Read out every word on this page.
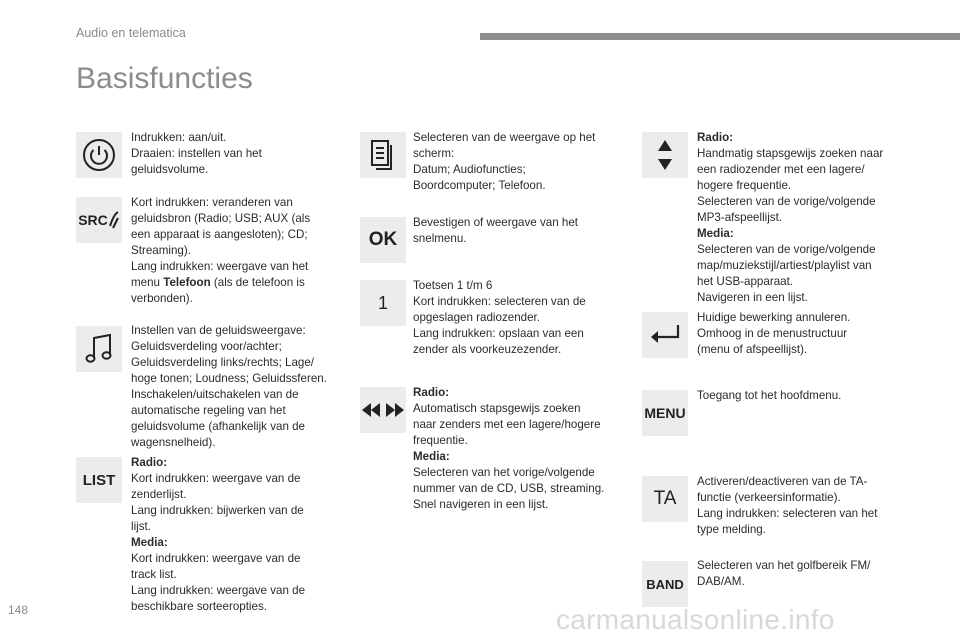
Audio en telematica
Basisfuncties

Indrukken: aan/uit.
Draaien: instellen van het
geluidsvolume.

SRC

Kort indrukken: veranderen van
geluidsbron (Radio; USB; AUX (als
een apparaat is aangesloten); CD;
Streaming).
Lang indrukken: weergave van het
menu Telefoon (als de telefoon is
verbonden).

Instellen van de geluidsweergave:
Geluidsverdeling voor/achter;
Geluidsverdeling links/rechts; Lage/
hoge tonen; Loudness; Geluidssferen.
Inschakelen/uitschakelen van de
automatische regeling van het
geluidsvolume (afhankelijk van de
wagensnelheid).

LIST

Radio:

Kort indrukken: weergave van de
zenderlijst.
Lang indrukken: bijwerken van de
lijst.

Media:

Kort indrukken: weergave van de
track list.
Lang indrukken: weergave van de
beschikbare sorteeropties.

Selecteren van de weergave op het
scherm:
Datum; Audiofuncties;
Boordcomputer; Telefoon.

OK

Bevestigen of weergave van het
snelmenu.

1

Toetsen 1 t/m 6
Kort indrukken: selecteren van de
opgeslagen radiozender.
Lang indrukken: opslaan van een
zender als voorkeuzezender.

Radio:

Automatisch stapsgewijs zoeken
naar zenders met een lagere/hogere
frequentie.

Media:

Selecteren van het vorige/volgende
nummer van de CD, USB, streaming.
Snel navigeren in een lijst.

Radio:

Handmatig stapsgewijs zoeken naar
een radiozender met een lagere/
hogere frequentie.
Selecteren van de vorige/volgende
MP3-afspeellijst.

Media:

Selecteren van de vorige/volgende
map/muziekstijl/artiest/playlist van
het USB-apparaat.
Navigeren in een lijst.

Huidige bewerking annuleren.
Omhoog in de menustructuur
(menu of afspeellijst).

MENU

Toegang tot het hoofdmenu.

TA

Activeren/deactiveren van de TA-
functie (verkeersinformatie).
Lang indrukken: selecteren van het
type melding.

BAND

Selecteren van het golfbereik FM/
DAB/AM.

148	carmanualsonline.info
